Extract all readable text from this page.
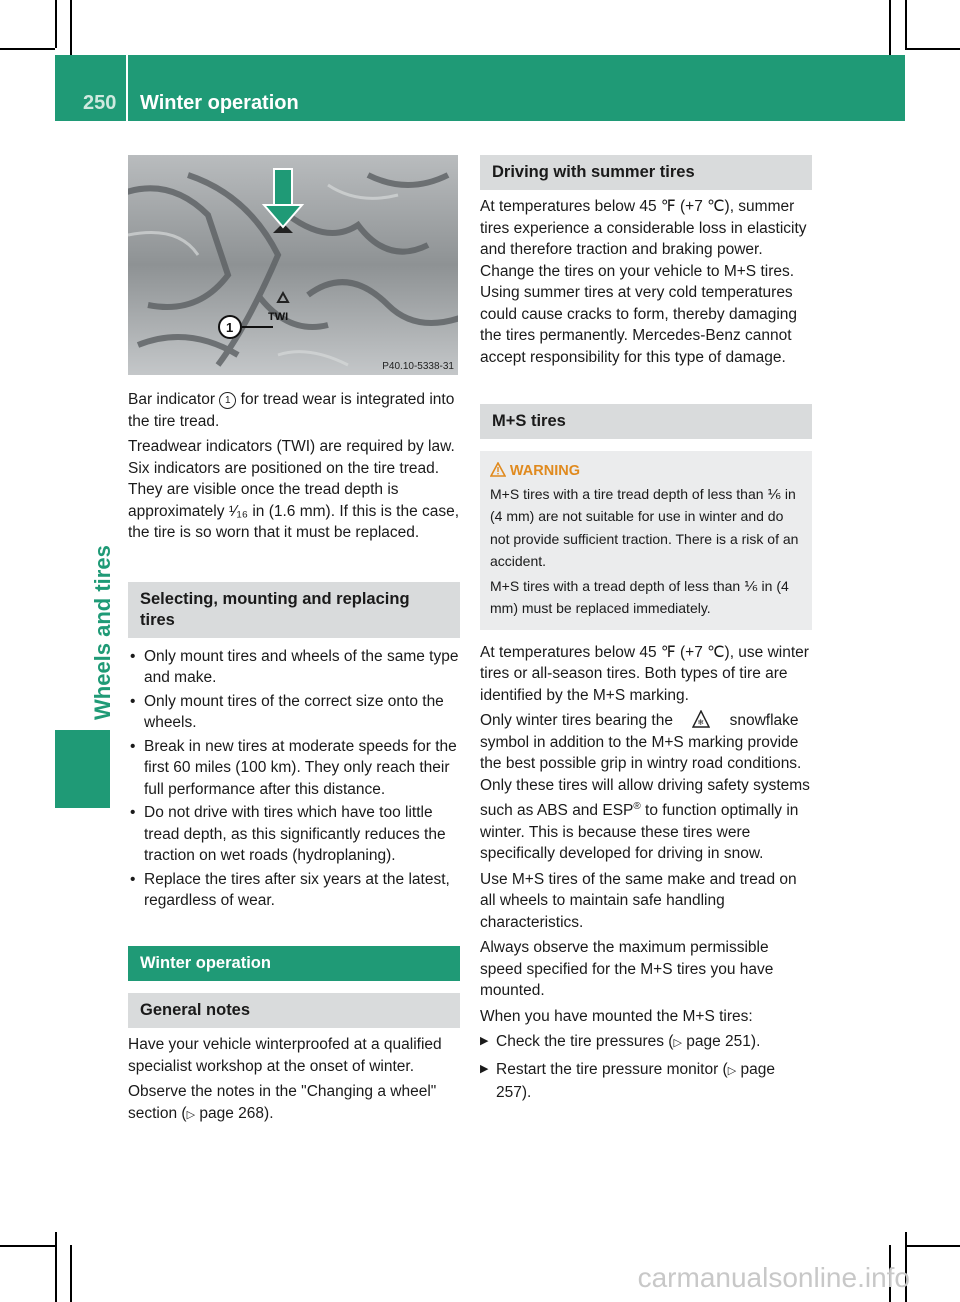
250 Winter operation
Wheels and tires
TWI
1
P40.10-5338-31

Bar indicator 1 for tread wear is integrated into the tire tread.

Treadwear indicators (TWI) are required by law. Six indicators are positioned on the tire tread. They are visible once the tread depth is approximately ¹⁄₁₆ in (1.6 mm). If this is the case, the tire is so worn that it must be replaced.

Selecting, mounting and replacing tires
• Only mount tires and wheels of the same type and make.
• Only mount tires of the correct size onto the wheels.
• Break in new tires at moderate speeds for the first 60 miles (100 km). They only reach their full performance after this distance.
• Do not drive with tires which have too little tread depth, as this significantly reduces the traction on wet roads (hydroplaning).
• Replace the tires after six years at the latest, regardless of wear.
Winter operation
General notes

Have your vehicle winterproofed at a qualified specialist workshop at the onset of winter.

Observe the notes in the "Changing a wheel" section (▷ page 268).

Driving with summer tires

At temperatures below 45 ℉ (+7 ℃), summer tires experience a considerable loss in elasticity and therefore traction and braking power. Change the tires on your vehicle to M+S tires. Using summer tires at very cold temperatures could cause cracks to form, thereby damaging the tires permanently. Mercedes-Benz cannot accept responsibility for this type of damage.

M+S tires
WARNING

M+S tires with a tire tread depth of less than ⅙ in (4 mm) are not suitable for use in winter and do not provide sufficient traction. There is a risk of an accident.

M+S tires with a tread depth of less than ⅙ in (4 mm) must be replaced immediately.

At temperatures below 45 ℉ (+7 ℃), use winter tires or all-season tires. Both types of tire are identified by the M+S marking.

Only winter tires bearing the	❄ snowflake symbol in addition to the M+S marking provide the best possible grip in wintry road conditions. Only these tires will allow driving safety systems such as ABS and ESP® to function optimally in winter. This is because these tires were specifically developed for driving in snow.

Use M+S tires of the same make and tread on all wheels to maintain safe handling characteristics.

Always observe the maximum permissible speed specified for the M+S tires you have mounted.

When you have mounted the M+S tires:

▶ Check the tire pressures (▷ page 251).
▶ Restart the tire pressure monitor (▷ page 257).
carmanualsonline.info
